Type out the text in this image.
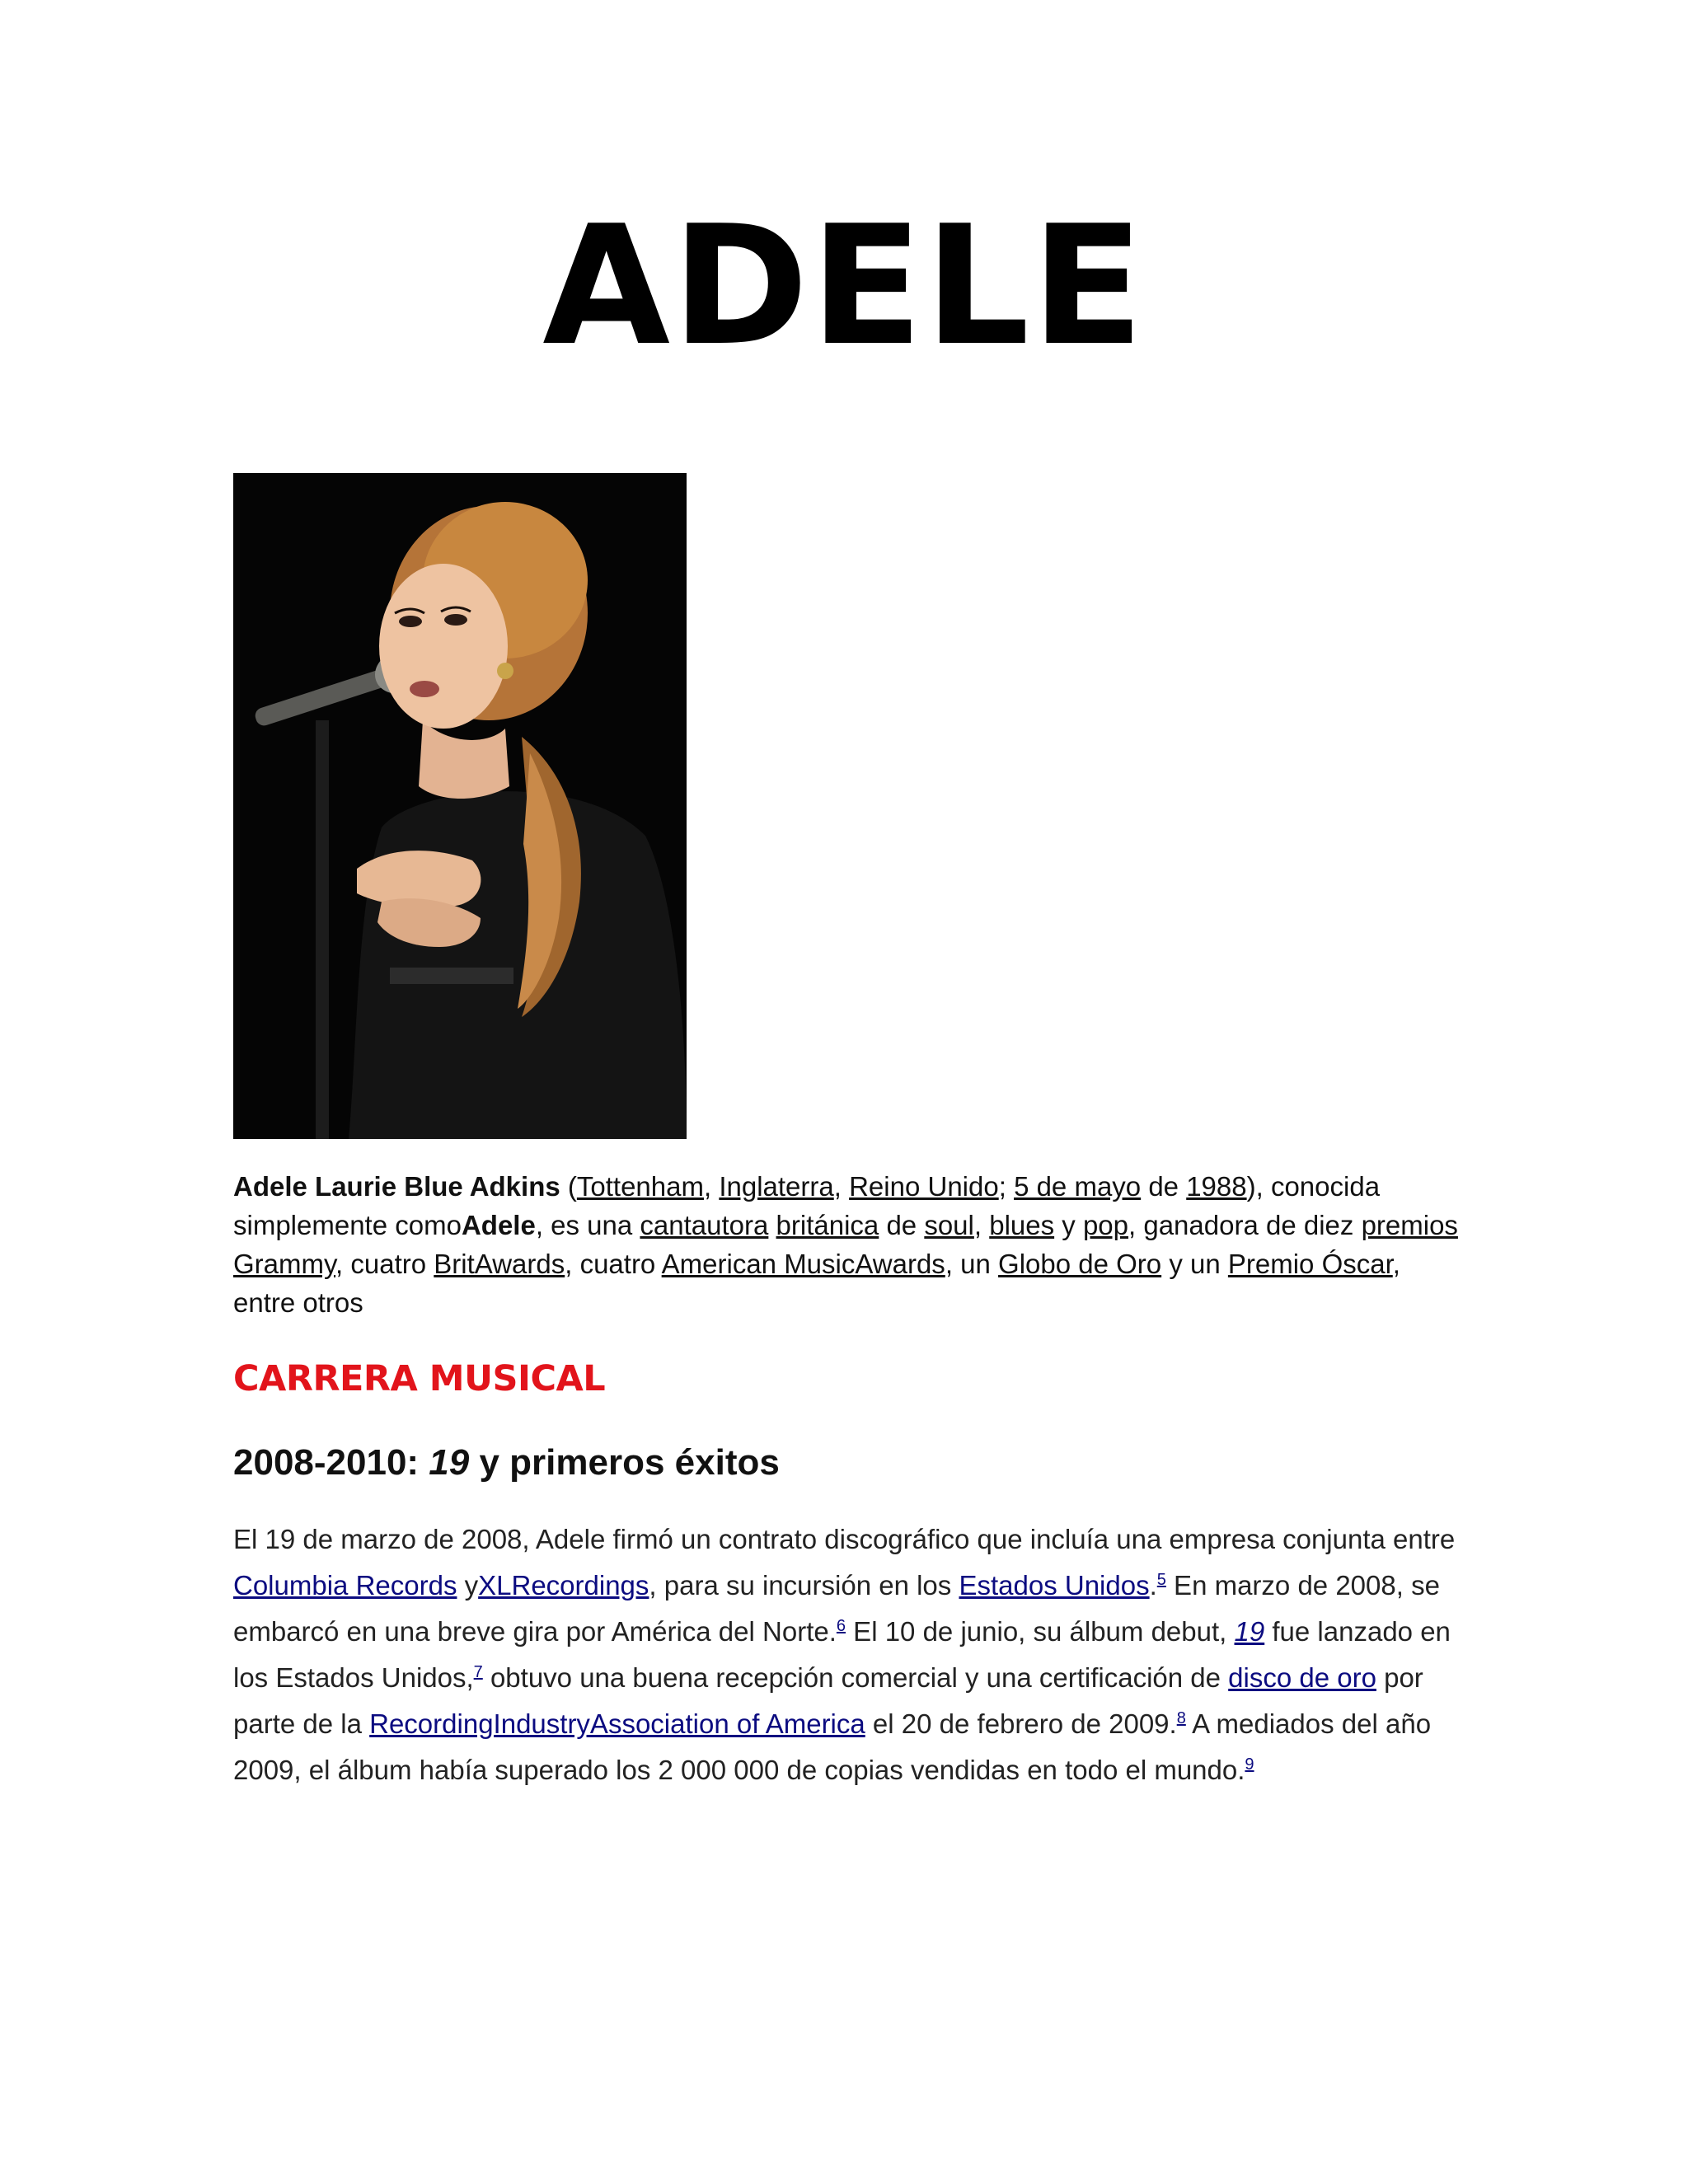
ADELE

Adele Laurie Blue Adkins (Tottenham, Inglaterra, Reino Unido; 5 de mayo de 1988), conocida simplemente comoAdele, es una cantautora británica de soul, blues y pop, ganadora de diez premios Grammy, cuatro BritAwards, cuatro American MusicAwards, un Globo de Oro y un Premio Óscar, entre otros

CARRERA MUSICAL
2008-2010: 19 y primeros éxitos

El 19 de marzo de 2008, Adele firmó un contrato discográfico que incluía una empresa conjunta entre Columbia Records yXLRecordings, para su incursión en los Estados Unidos.$^5$ En marzo de 2008, se embarcó en una breve gira por América del Norte.$^6$ El 10 de junio, su álbum debut, 19 fue lanzado en los Estados Unidos,$^7$ obtuvo una buena recepción comercial y una certificación de disco de oro por parte de la RecordingIndustryAssociation of America el 20 de febrero de 2009.$^8$ A mediados del año 2009, el álbum había superado los 2 000 000 de copias vendidas en todo el mundo.$^9$
